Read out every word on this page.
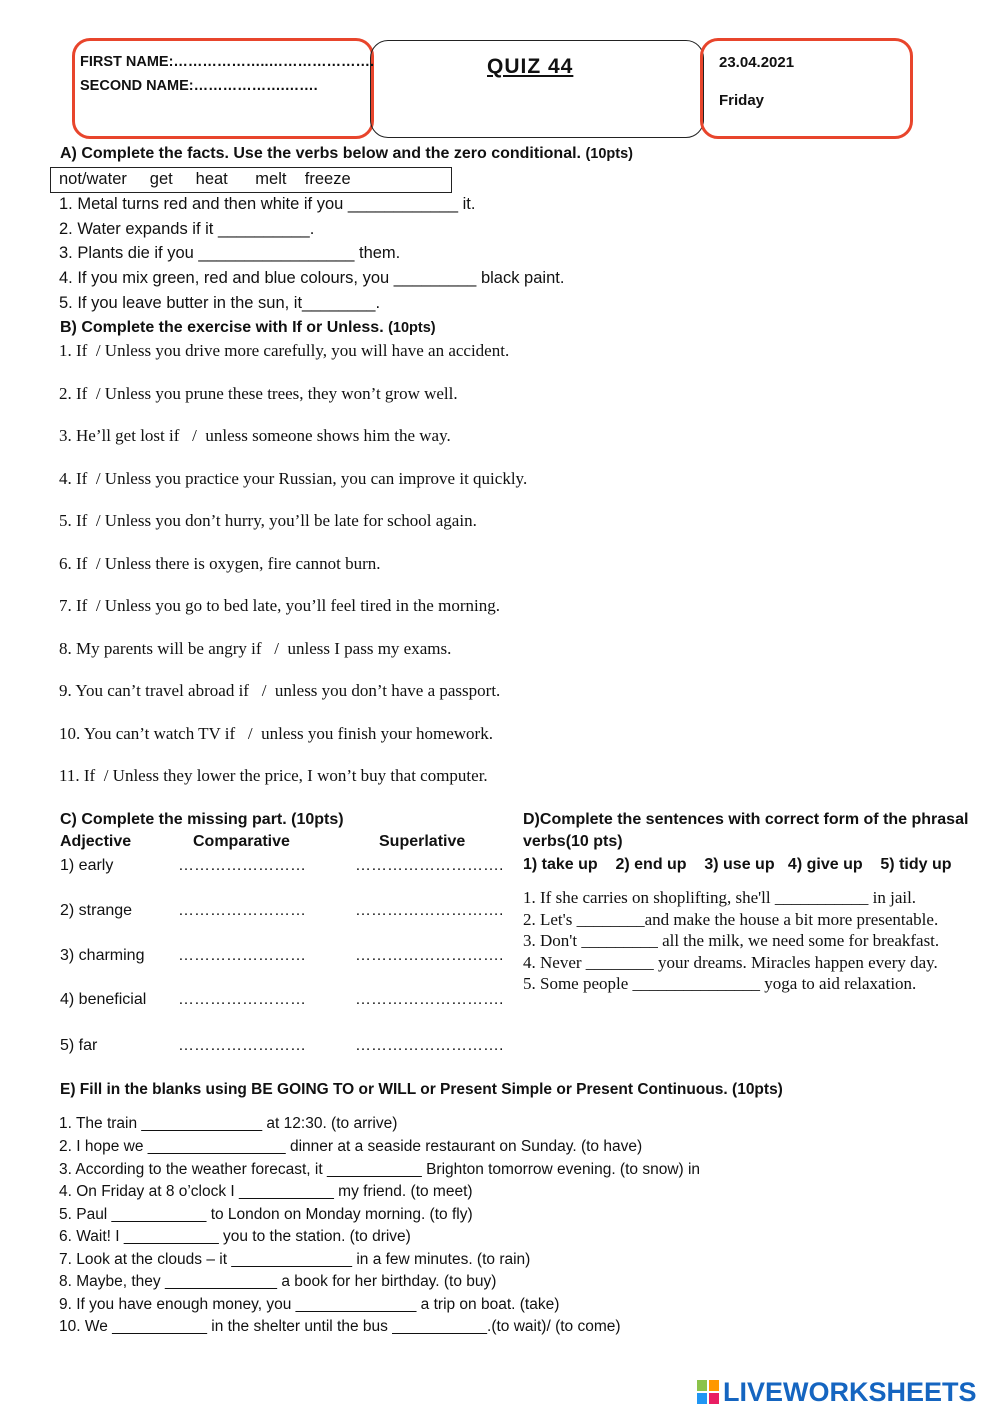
FIRST NAME:………………..………………….
SECOND NAME:……………….…….
QUIZ 44	23.04.2021
Friday
A) Complete the facts. Use the verbs below and the zero conditional. (10pts)
not/water     get     heat      melt    freeze
1. Metal turns red and then white if you ____________ it.
2. Water expands if it __________.
3. Plants die if you _________________ them.
4. If you mix green, red and blue colours, you _________ black paint.
5. If you leave butter in the sun, it________.
B) Complete the exercise with If or Unless. (10pts)
1. If  / Unless you drive more carefully, you will have an accident.
2. If  / Unless you prune these trees, they won’t grow well.
3. He’ll get lost if   /  unless someone shows him the way.
4. If  / Unless you practice your Russian, you can improve it quickly.
5. If  / Unless you don’t hurry, you’ll be late for school again.
6. If  / Unless there is oxygen, fire cannot burn.
7. If  / Unless you go to bed late, you’ll feel tired in the morning.
8. My parents will be angry if   /  unless I pass my exams.
9. You can’t travel abroad if   /  unless you don’t have a passport.
10. You can’t watch TV if   /  unless you finish your homework.
11. If  / Unless they lower the price, I won’t buy that computer.
C) Complete the missing part. (10pts)
Adjective	Comparative	Superlative
1) early	……………………	……………………….
2) strange	……………………	……………………….
3) charming ……………………	……………………….
4) beneficial ……………………	……………………….
5) far	……………………	……………………….
D)Complete the sentences with correct form of the phrasal
verbs(10 pts)
1) take up    2) end up    3) use up   4) give up    5) tidy up
1. If she carries on shoplifting, she'll ___________ in jail.
2. Let's ________and make the house a bit more presentable.
3. Don't _________ all the milk, we need some for breakfast.
4. Never ________ your dreams. Miracles happen every day.
5. Some people _______________ yoga to aid relaxation.
E) Fill in the blanks using BE GOING TO or WILL or Present Simple or Present Continuous. (10pts)
1. The train ______________ at 12:30. (to arrive)
2. I hope we ________________ dinner at a seaside restaurant on Sunday. (to have)
3. According to the weather forecast, it ___________ Brighton tomorrow evening. (to snow) in
4. On Friday at 8 o’clock I ___________ my friend. (to meet)
5. Paul ___________ to London on Monday morning. (to fly)
6. Wait! I ___________ you to the station. (to drive)
7. Look at the clouds – it ______________ in a few minutes. (to rain)
8. Maybe, they _____________ a book for her birthday. (to buy)
9. If you have enough money, you ______________ a trip on boat. (take)
10. We ___________ in the shelter until the bus ___________.(to wait)/ (to come)
LIVEWORKSHEETS
